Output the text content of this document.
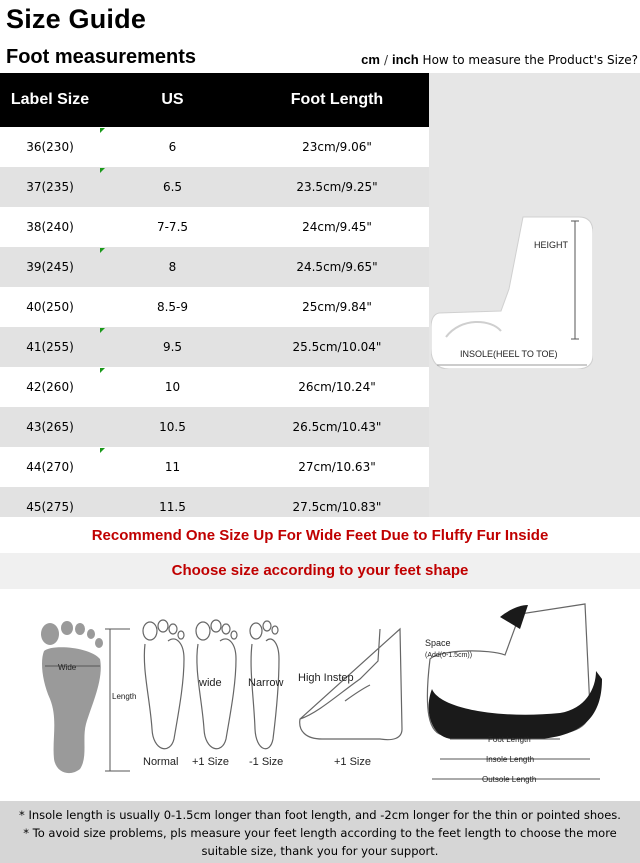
Size Guide
Foot measurements	cm / inch How to measure the Product's Size?
Label Size	US	Foot Length
36(230)	6	23cm/9.06"
37(235)	6.5	23.5cm/9.25"
38(240)	7-7.5	24cm/9.45"
39(245)	8	24.5cm/9.65"
40(250)	8.5-9	25cm/9.84"
41(255)	9.5	25.5cm/10.04"
42(260)	10	26cm/10.24"
43(265)	10.5	26.5cm/10.43"
44(270)	11	27cm/10.63"
45(275)	11.5	27.5cm/10.83"
HEIGHT
INSOLE(HEEL TO TOE)
Recommend One Size Up For Wide Feet Due to Fluffy Fur Inside
Choose size according to your feet shape
Wide
Length
wide Narrow
Normal +1 Size -1 Size
High Instep
+1 Size
Space
(Add(0-1.5cm))
Foot Length
Insole Length
Outsole Length

* Insole length is usually 0-1.5cm longer than foot length, and -2cm longer for the thin or pointed shoes.

* To avoid size problems, pls measure your feet length according to the feet length to choose the more suitable size, thank you for your support.
